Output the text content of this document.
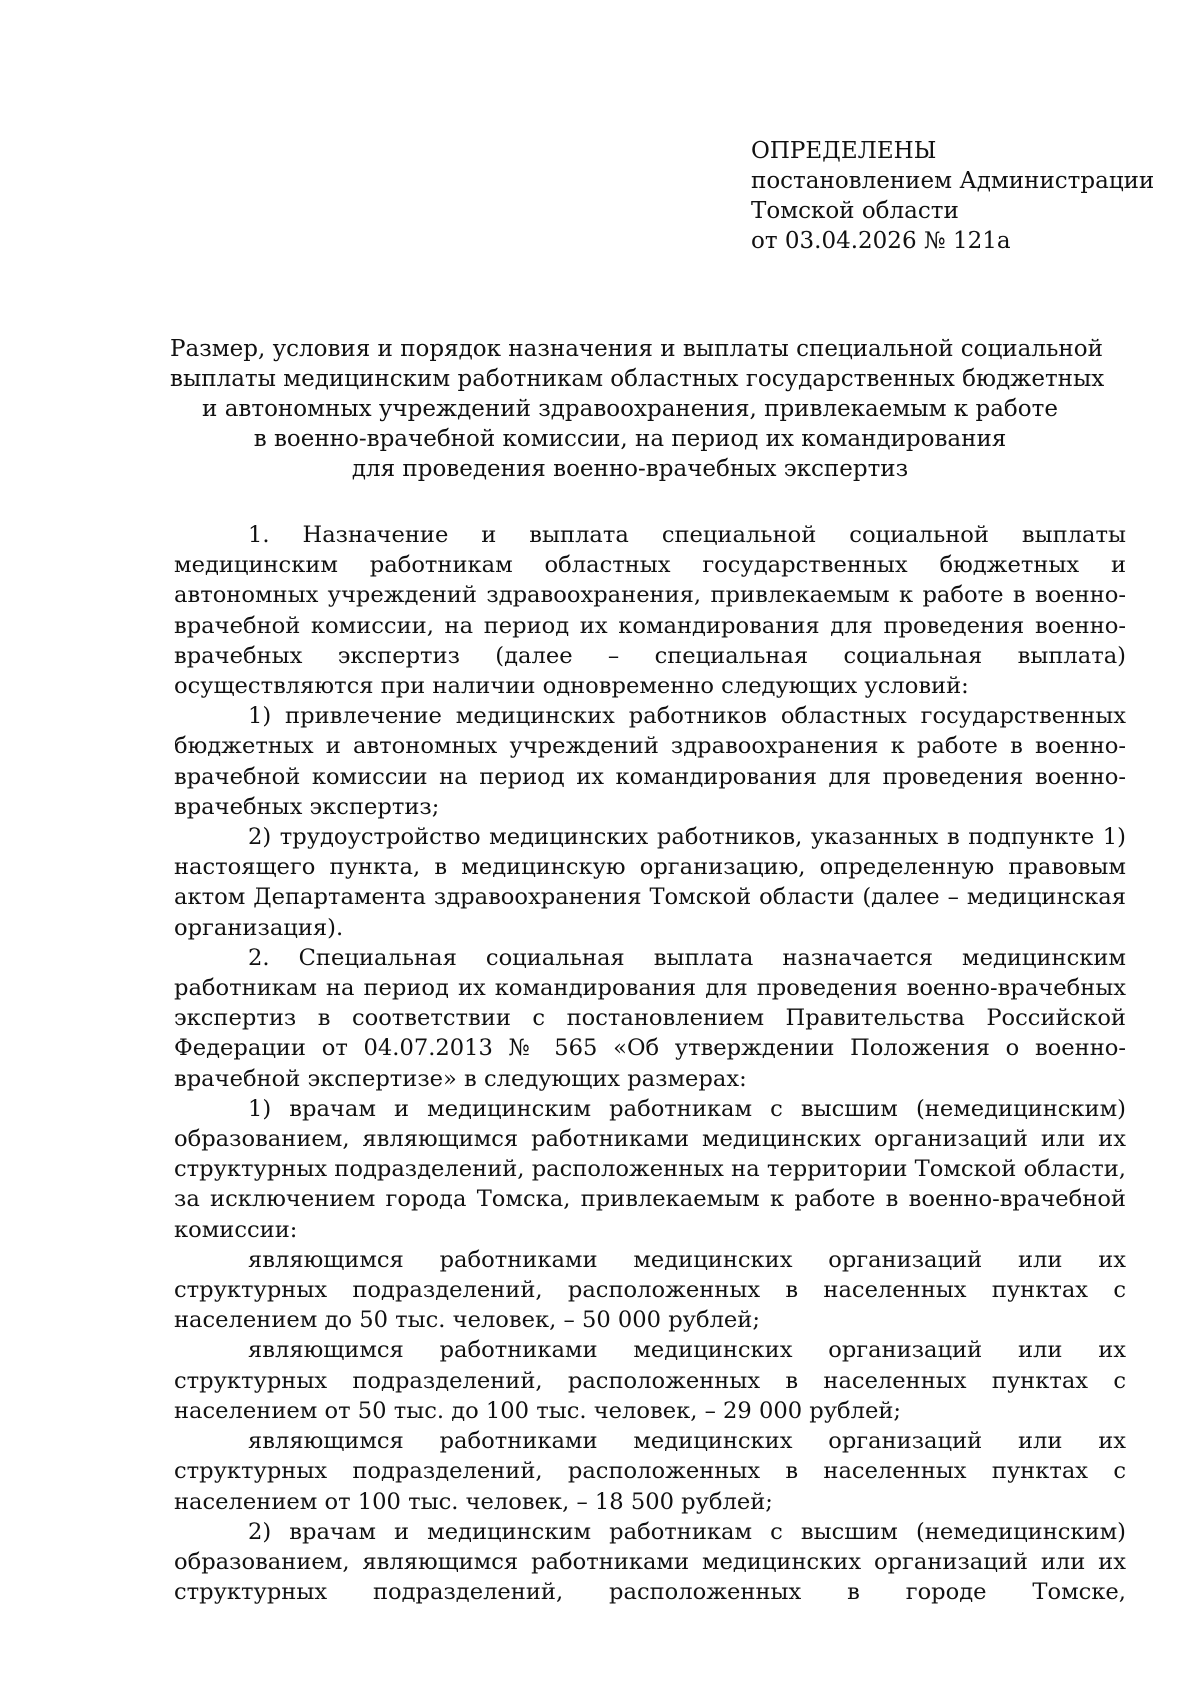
ОПРЕДЕЛЕНЫ
постановлением Администрации
Томской области
от 03.04.2026 № 121а
Размер, условия и порядок назначения и выплаты специальной социальной
выплаты медицинским работникам областных государственных бюджетных
и автономных учреждений здравоохранения, привлекаемым к работе
в военно-врачебной комиссии, на период их командирования
для проведения военно-врачебных экспертиз

1. Назначение и выплата специальной социальной выплаты медицинским работникам областных государственных бюджетных и автономных учреждений здравоохранения, привлекаемым к работе в военно-врачебной комиссии, на период их командирования для проведения военно-врачебных экспертиз (далее – специальная социальная выплата) осуществляются при наличии одновременно следующих условий:

1) привлечение медицинских работников областных государственных бюджетных и автономных учреждений здравоохранения к работе в военно-врачебной комиссии на период их командирования для проведения военно-врачебных экспертиз;

2) трудоустройство медицинских работников, указанных в подпункте 1) настоящего пункта, в медицинскую организацию, определенную правовым актом Департамента здравоохранения Томской области (далее – медицинская организация).

2. Специальная социальная выплата назначается медицинским работникам на период их командирования для проведения военно-врачебных экспертиз в соответствии с постановлением Правительства Российской Федерации от 04.07.2013 № 565 «Об утверждении Положения о военно-врачебной экспертизе» в следующих размерах:

1) врачам и медицинским работникам с высшим (немедицинским) образованием, являющимся работниками медицинских организаций или их структурных подразделений, расположенных на территории Томской области, за исключением города Томска, привлекаемым к работе в военно-врачебной комиссии:

являющимся работниками медицинских организаций или их структурных подразделений, расположенных в населенных пунктах с населением до 50 тыс. человек, – 50 000 рублей;

являющимся работниками медицинских организаций или их структурных подразделений, расположенных в населенных пунктах с населением от 50 тыс. до 100 тыс. человек, – 29 000 рублей;

являющимся работниками медицинских организаций или их структурных подразделений, расположенных в населенных пунктах с населением от 100 тыс. человек, – 18 500 рублей;

2) врачам и медицинским работникам с высшим (немедицинским) образованием, являющимся работниками медицинских организаций или их структурных подразделений, расположенных в городе Томске,
